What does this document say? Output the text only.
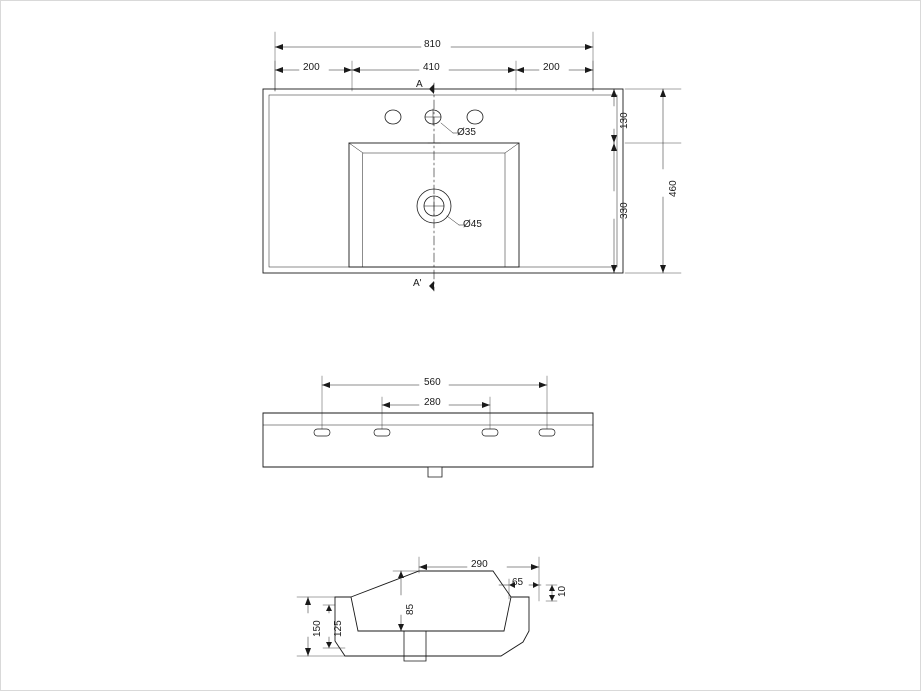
810
200	410	200
A
A'
Ø35
Ø45
130
330
460
560
280
290
65
10
150 125
85
